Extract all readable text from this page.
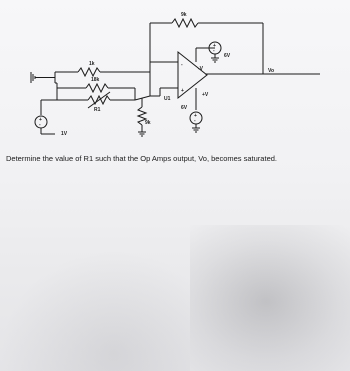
+
-
+
-
+
-
9k
1k
18k
R1
9k
U1
-V
+V
6V
6V
Vo
1V
-
+
Determine the value of R1 such that the Op Amps output, Vo, becomes saturated.
